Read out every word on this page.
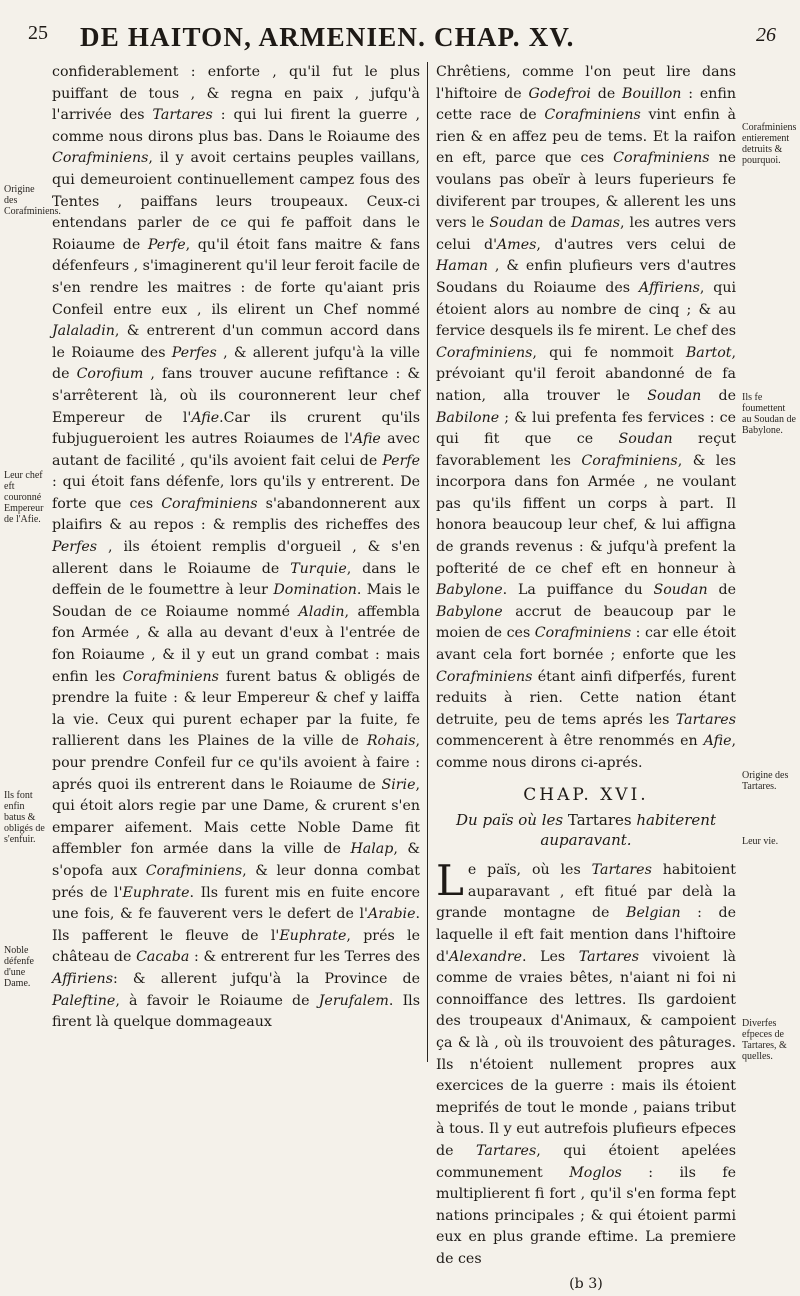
25 DE HAITON, ARMENIEN. CHAP. XV.	26
Origine des Corafminiens.
Leur chef eft couronné Empereur de l'Afie.
Ils font enfin batus & obligés de s'enfuir.
Noble défenfe d'une Dame.
Corafminiens entierement detruits & pourquoi.
Ils fe foumettent au Soudan de Babylone.
Origine des Tartares.
Leur vie.
Diverfes efpeces de Tartares, & quelles.

confiderablement : enforte , qu'il fut le plus puiffant de tous , & regna en paix , jufqu'à l'arrivée des Tartares : qui lui firent la guerre , comme nous dirons plus bas. Dans le Roiaume des Corafminiens, il y avoit certains peuples vaillans, qui demeuroient continuellement campez fous des Tentes , paiffans leurs troupeaux. Ceux-ci entendans parler de ce qui fe paffoit dans le Roiaume de Perfe, qu'il étoit fans maitre & fans défenfeurs , s'imaginerent qu'il leur feroit facile de s'en rendre les maitres : de forte qu'aiant pris Confeil entre eux , ils elirent un Chef nommé Jalaladin, & entrerent d'un commun accord dans le Roiaume des Perfes , & allerent jufqu'à la ville de Corofium , fans trouver aucune refiftance : & s'arrêterent là, où ils couronnerent leur chef Empereur de l'Afie.Car ils crurent qu'ils fubjugueroient les autres Roiaumes de l'Afie avec autant de facilité , qu'ils avoient fait celui de Perfe : qui étoit fans défenfe, lors qu'ils y entrerent. De forte que ces Corafminiens s'abandonnerent aux plaifirs & au repos : & remplis des richeffes des Perfes , ils étoient remplis d'orgueil , & s'en allerent dans le Roiaume de Turquie, dans le deffein de le foumettre à leur Domination. Mais le Soudan de ce Roiaume nommé Aladin, affembla fon Armée , & alla au devant d'eux à l'entrée de fon Roiaume , & il y eut un grand combat : mais enfin les Corafminiens furent batus & obligés de prendre la fuite : & leur Empereur & chef y laiffa la vie. Ceux qui purent echaper par la fuite, fe rallierent dans les Plaines de la ville de Rohais, pour prendre Confeil fur ce qu'ils avoient à faire : aprés quoi ils entrerent dans le Roiaume de Sirie, qui étoit alors regie par une Dame, & crurent s'en emparer aifement. Mais cette Noble Dame fit affembler fon armée dans la ville de Halap, & s'opofa aux Corafminiens, & leur donna combat prés de l'Euphrate. Ils furent mis en fuite encore une fois, & fe fauverent vers le defert de l'Arabie. Ils pafferent le fleuve de l'Euphrate, prés le château de Cacaba : & entrerent fur les Terres des Affiriens: & allerent jufqu'à la Province de Paleftine, à favoir le Roiaume de Jerufalem. Ils firent là quelque dommageaux

Chrêtiens, comme l'on peut lire dans l'hiftoire de Godefroi de Bouillon : enfin cette race de Corafminiens vint enfin à rien & en affez peu de tems. Et la raifon en eft, parce que ces Corafminiens ne voulans pas obeïr à leurs fuperieurs fe diviferent par troupes, & allerent les uns vers le Soudan de Damas, les autres vers celui d'Ames, d'autres vers celui de Haman , & enfin plufieurs vers d'autres Soudans du Roiaume des Affiriens, qui étoient alors au nombre de cinq ; & au fervice desquels ils fe mirent. Le chef des Corafminiens, qui fe nommoit Bartot, prévoiant qu'il feroit abandonné de fa nation, alla trouver le Soudan de Babilone ; & lui prefenta fes fervices : ce qui fit que ce Soudan reçut favorablement les Corafminiens, & les incorpora dans fon Armée , ne voulant pas qu'ils fiffent un corps à part. Il honora beaucoup leur chef, & lui affigna de grands revenus : & jufqu'à prefent la pofterité de ce chef eft en honneur à Babylone. La puiffance du Soudan de Babylone accrut de beaucoup par le moien de ces Corafminiens : car elle étoit avant cela fort bornée ; enforte que les Corafminiens étant ainfi difperfés, furent reduits à rien. Cette nation étant detruite, peu de tems aprés les Tartares commencerent à être renommés en Afie, comme nous dirons ci-aprés.

CHAP. XVI.
Du païs où les Tartares habiterent auparavant.

Le païs, où les Tartares habitoient auparavant , eft fitué par delà la grande montagne de Belgian : de laquelle il eft fait mention dans l'hiftoire d'Alexandre. Les Tartares vivoient là comme de vraies bêtes, n'aiant ni foi ni connoiffance des lettres. Ils gardoient des troupeaux d'Animaux, & campoient ça & là , où ils trouvoient des pâturages. Ils n'étoient nullement propres aux exercices de la guerre : mais ils étoient meprifés de tout le monde , paians tribut à tous. Il y eut autrefois plufieurs efpeces de Tartares, qui étoient apelées communement Moglos : ils fe multiplierent fi fort , qu'il s'en forma fept nations principales ; & qui étoient parmi eux en plus grande eftime. La premiere de ces

(b 3)
